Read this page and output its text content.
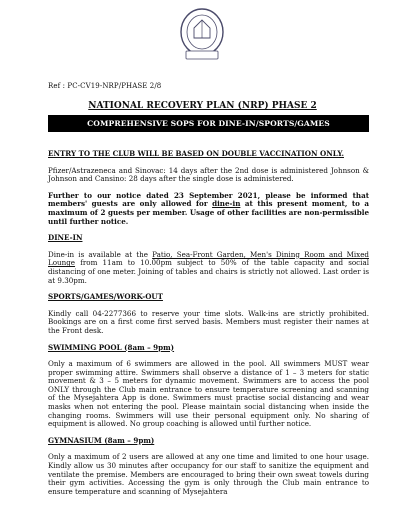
Ref : PC-CV19-NRP/PHASE 2/8
NATIONAL RECOVERY PLAN (NRP) PHASE 2
COMPREHENSIVE SOPS FOR DINE-IN/SPORTS/GAMES

ENTRY TO THE CLUB WILL BE BASED ON DOUBLE VACCINATION ONLY.

Pfizer/Astrazeneca and Sinovac: 14 days after the 2nd dose is administered Johnson & Johnson and Cansino: 28 days after the single dose is administered.

Further to our notice dated 23 September 2021, please be informed that members' guests are only allowed for dine-in at this present moment, to a maximum of 2 guests per member. Usage of other facilities are non-permissible until further notice.

DINE-IN

Dine-in is available at the Patio, Sea-Front Garden, Men's Dining Room and Mixed Lounge from 11am to 10.00pm subject to 50% of the table capacity and social distancing of one meter. Joining of tables and chairs is strictly not allowed. Last order is at 9.30pm.

SPORTS/GAMES/WORK-OUT

Kindly call 04-2277366 to reserve your time slots. Walk-ins are strictly prohibited. Bookings are on a first come first served basis. Members must register their names at the Front desk.

SWIMMING POOL (8am – 9pm)

Only a maximum of 6 swimmers are allowed in the pool. All swimmers MUST wear proper swimming attire. Swimmers shall observe a distance of 1 – 3 meters for static movement & 3 – 5 meters for dynamic movement. Swimmers are to access the pool ONLY through the Club main entrance to ensure temperature screening and scanning of the Mysejahtera App is done. Swimmers must practise social distancing and wear masks when not entering the pool. Please maintain social distancing when inside the changing rooms. Swimmers will use their personal equipment only. No sharing of equipment is allowed. No group coaching is allowed until further notice.

GYMNASIUM (8am – 9pm)

Only a maximum of 2 users are allowed at any one time and limited to one hour usage. Kindly allow us 30 minutes after occupancy for our staff to sanitize the equipment and ventilate the premise. Members are encouraged to bring their own sweat towels during their gym activities. Accessing the gym is only through the Club main entrance to ensure temperature and scanning of Mysejahtera
